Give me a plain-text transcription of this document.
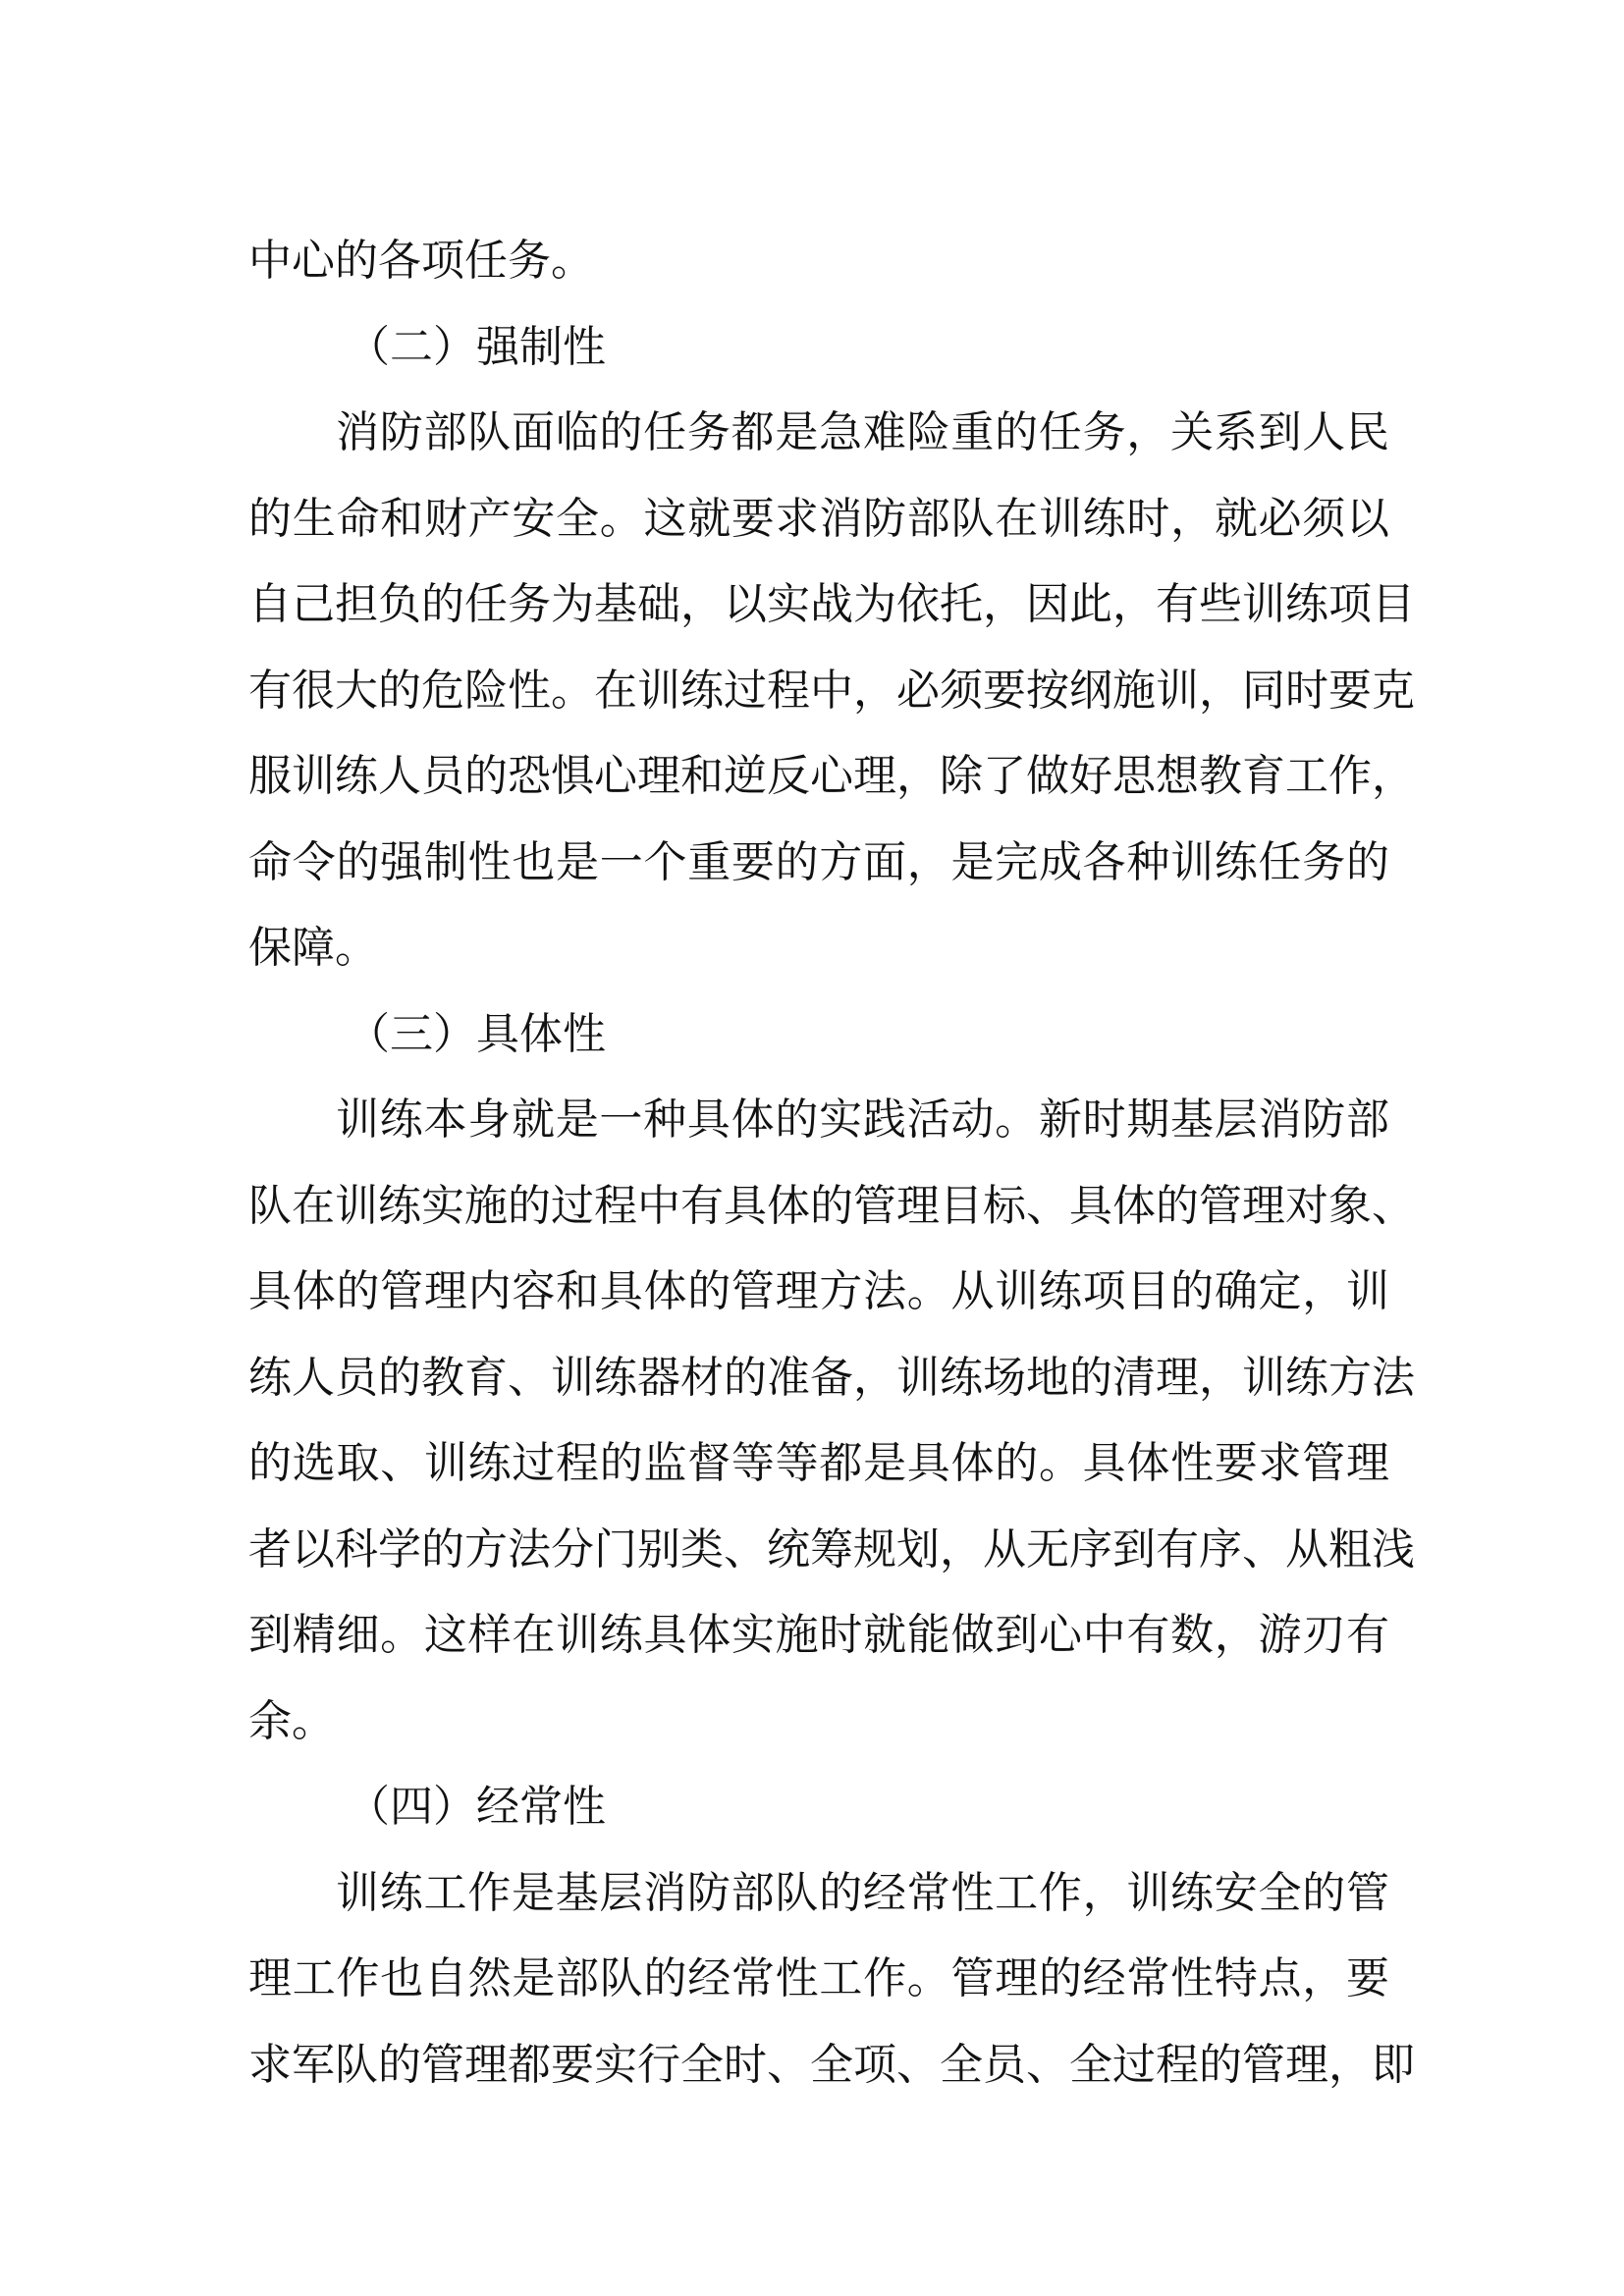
中心的各项任务。
（二）强制性
消防部队面临的任务都是急难险重的任务，关系到人民
的生命和财产安全。这就要求消防部队在训练时，就必须以
自己担负的任务为基础，以实战为依托，因此，有些训练项目
有很大的危险性。在训练过程中，必须要按纲施训，同时要克
服训练人员的恐惧心理和逆反心理，除了做好思想教育工作，
命令的强制性也是一个重要的方面，是完成各种训练任务的
保障。
（三）具体性
训练本身就是一种具体的实践活动。新时期基层消防部
队在训练实施的过程中有具体的管理目标、具体的管理对象、
具体的管理内容和具体的管理方法。从训练项目的确定，训
练人员的教育、训练器材的准备，训练场地的清理，训练方法
的选取、训练过程的监督等等都是具体的。具体性要求管理
者以科学的方法分门别类、统筹规划，从无序到有序、从粗浅
到精细。这样在训练具体实施时就能做到心中有数，游刃有
余。
（四）经常性
训练工作是基层消防部队的经常性工作，训练安全的管
理工作也自然是部队的经常性工作。管理的经常性特点，要
求军队的管理都要实行全时、全项、全员、全过程的管理，即
